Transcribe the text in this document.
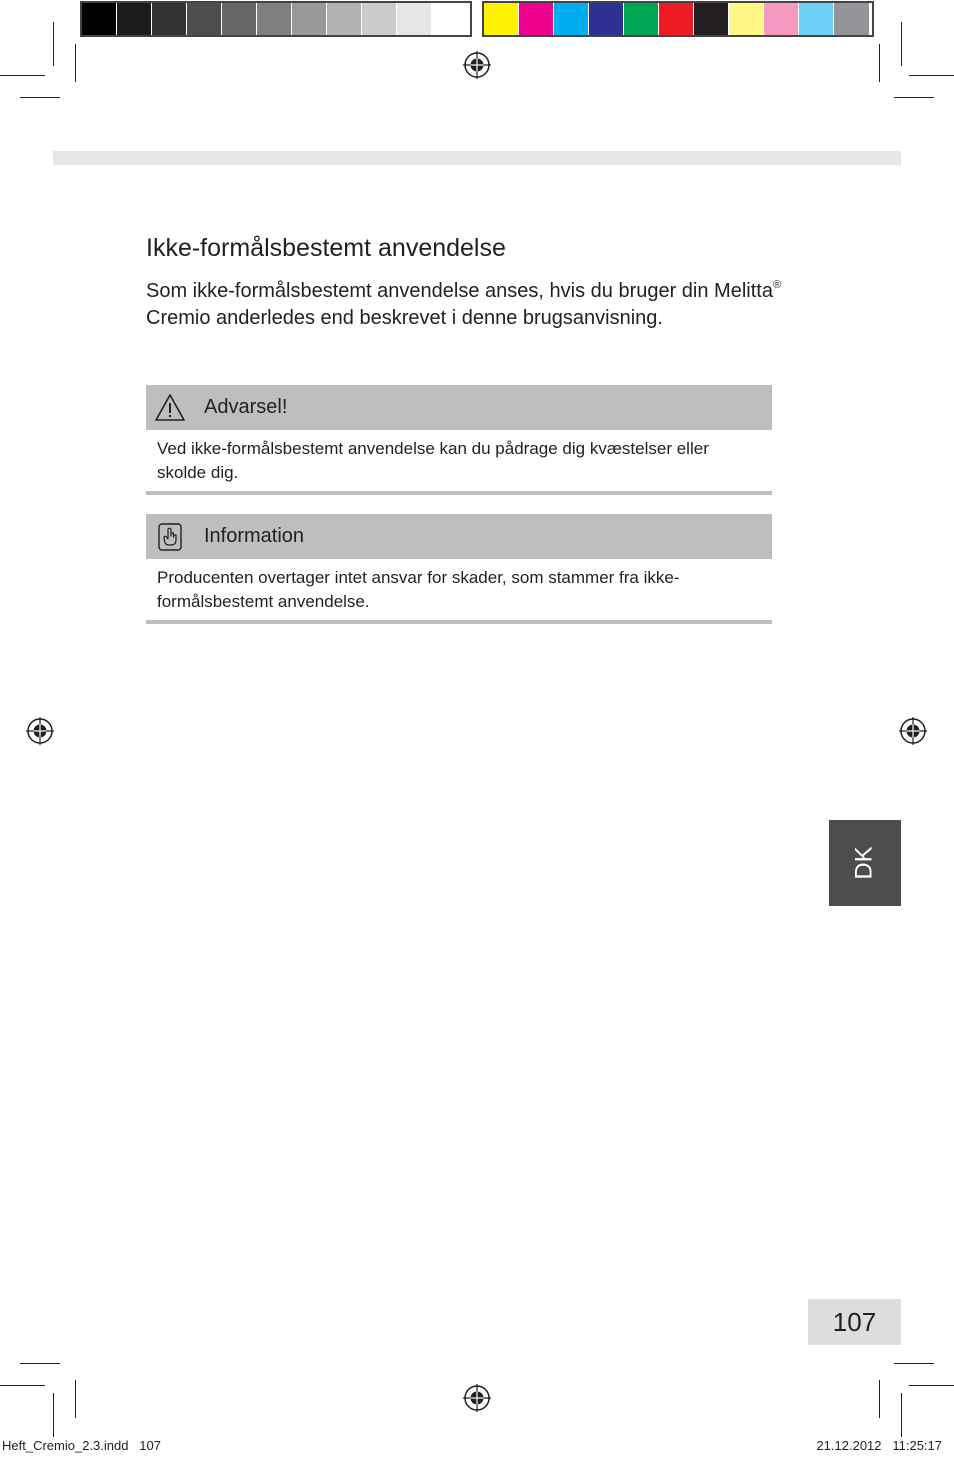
Ikke-formålsbestemt anvendelse
Som ikke-formålsbestemt anvendelse anses, hvis du bruger din Melitta® Cremio anderledes end beskrevet i denne brugsanvisning.
Advarsel!
Ved ikke-formålsbestemt anvendelse kan du pådrage dig kvæstelser eller skolde dig.
Information
Producenten overtager intet ansvar for skader, som stammer fra ikke-formålsbestemt anvendelse.
DK
107
Heft_Cremio_2.3.indd   107	21.12.2012   11:25:17
